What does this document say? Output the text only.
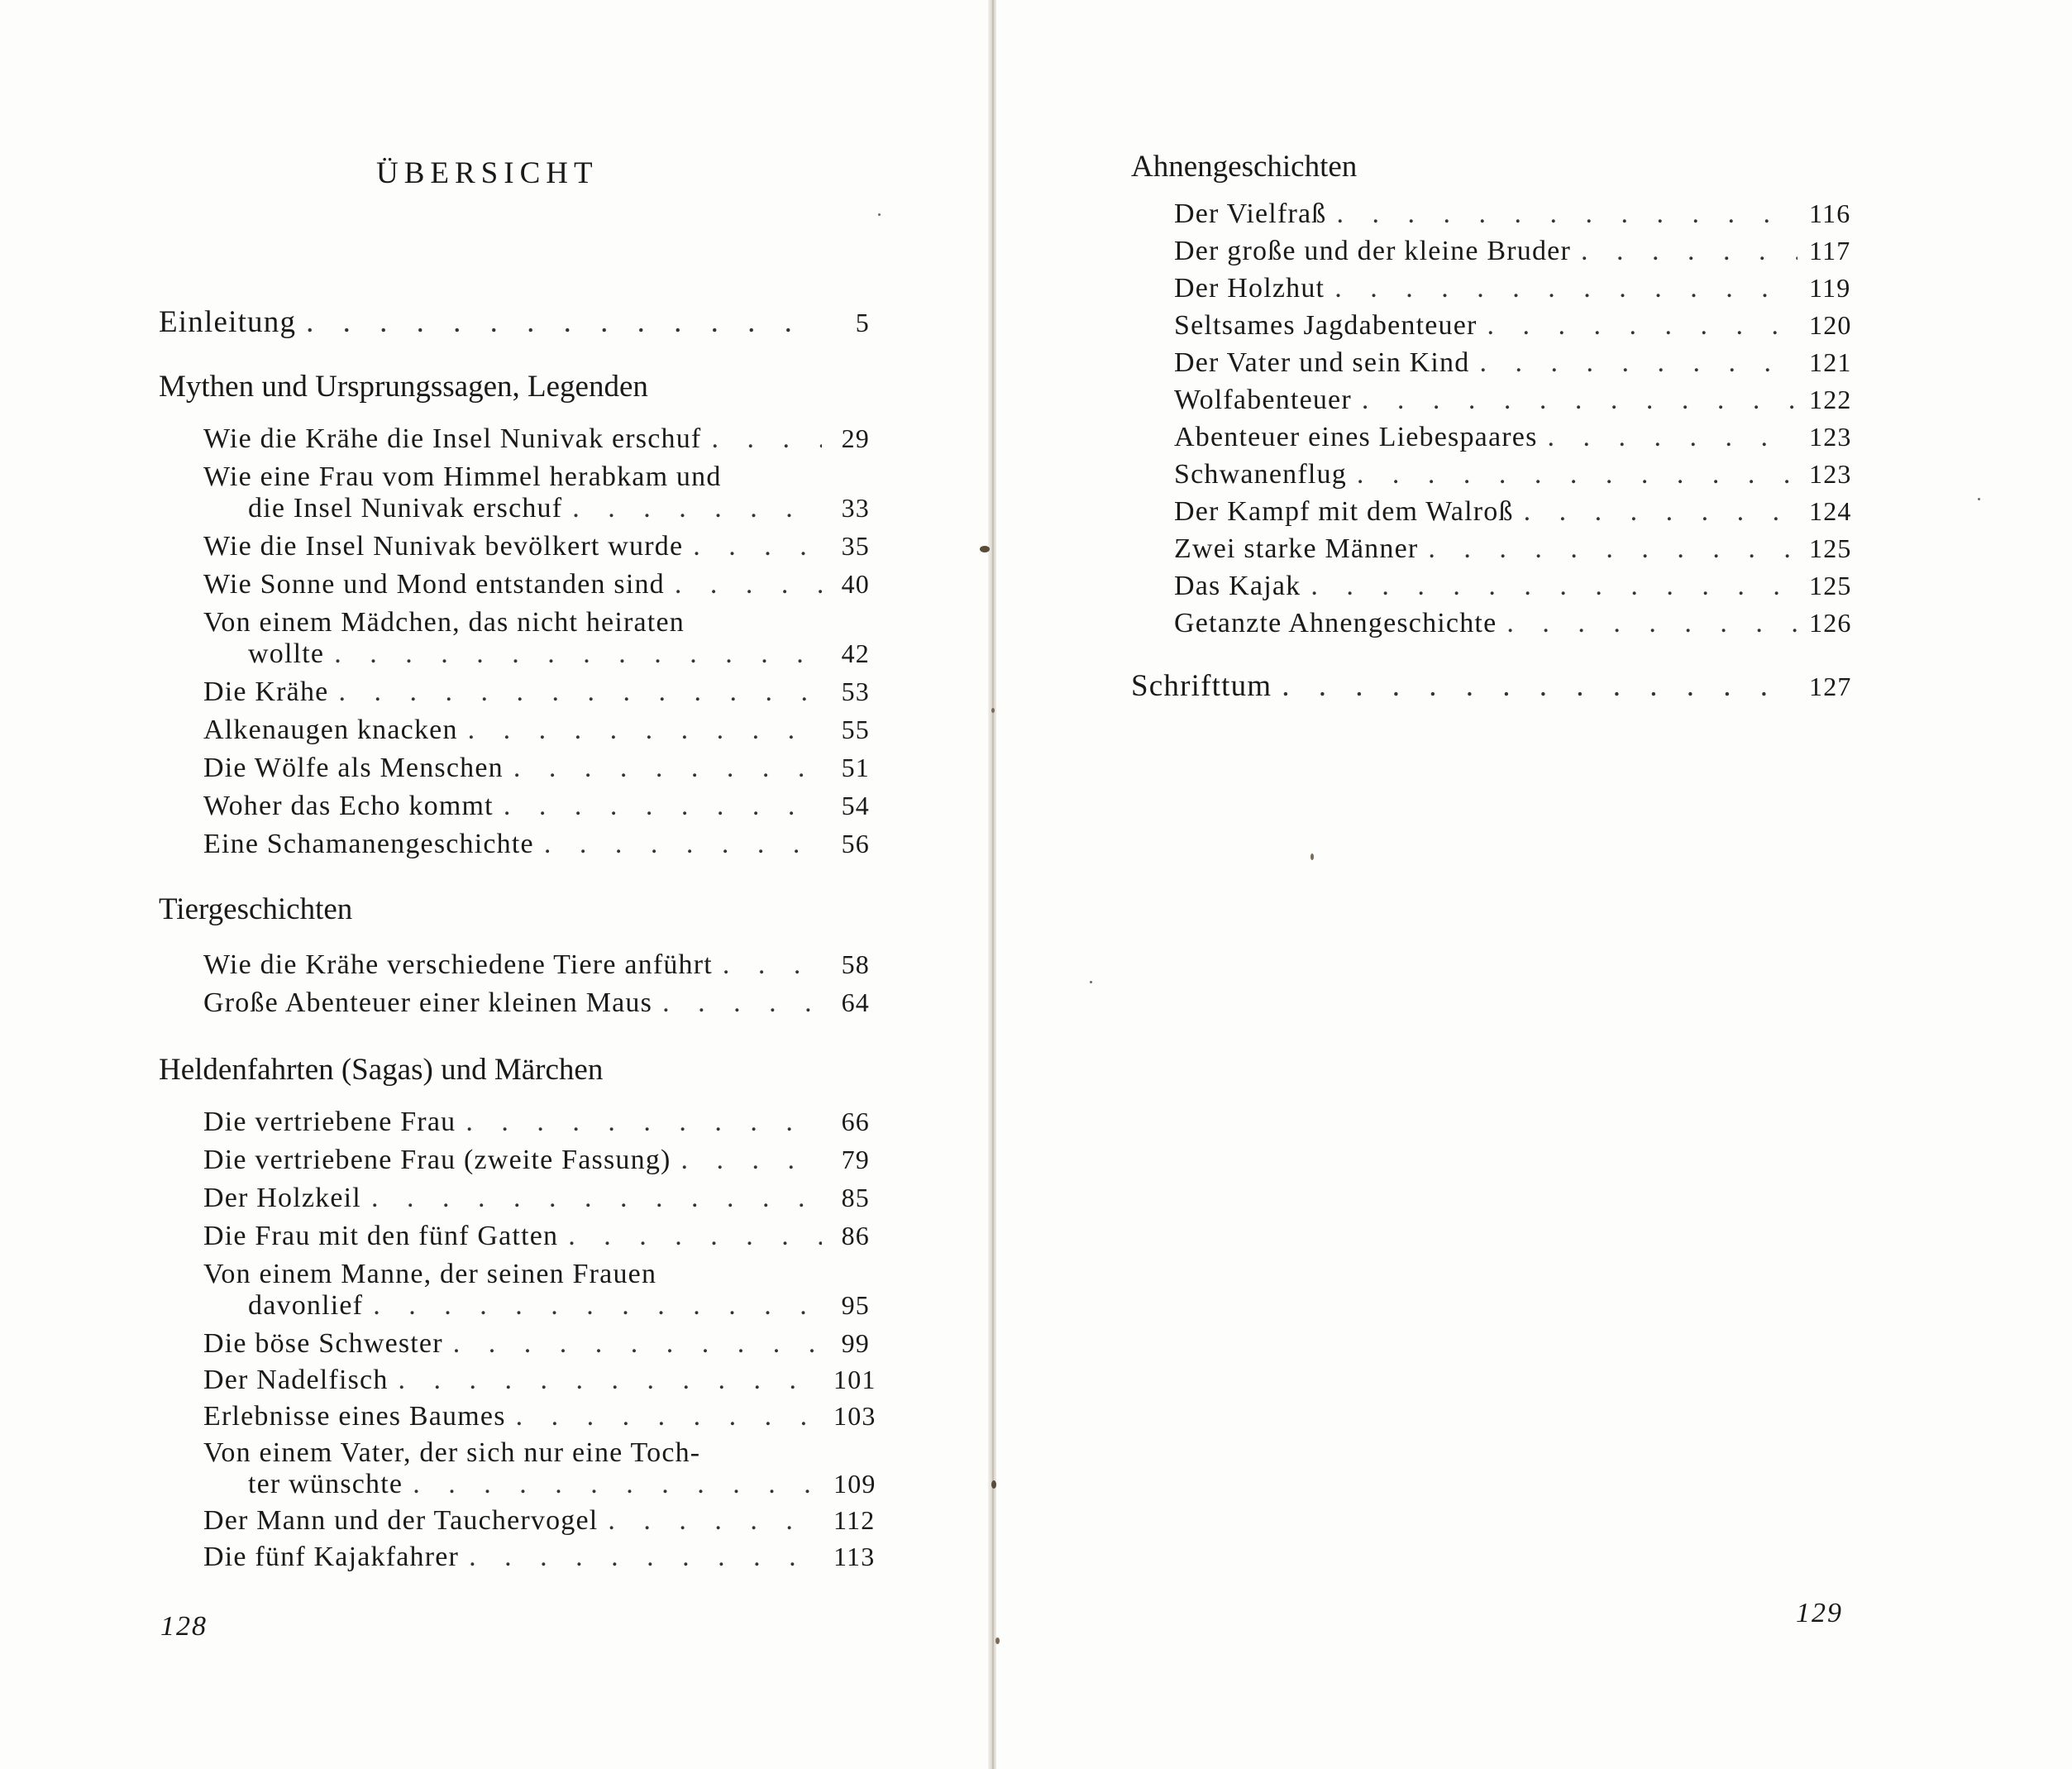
ÜBERSICHT
Einleitung . . .	5
Mythen und Ursprungssagen, Legenden
Wie die Krähe die Insel Nunivak erschuf . . .	29
Wie eine Frau vom Himmel herabkam und
die Insel Nunivak erschuf . . .	33
Wie die Insel Nunivak bevölkert wurde . . .	35
Wie Sonne und Mond entstanden sind . . .	40
Von einem Mädchen, das nicht heiraten
wollte . . .	42
Die Krähe . . .	53
Alkenaugen knacken . . .	55
Die Wölfe als Menschen . . .	51
Woher das Echo kommt . . .	54
Eine Schamanengeschichte . . .	56
Tiergeschichten
Wie die Krähe verschiedene Tiere anführt . . .	58
Große Abenteuer einer kleinen Maus . . .	64
Heldenfahrten (Sagas) und Märchen
Die vertriebene Frau . . .	66
Die vertriebene Frau (zweite Fassung) . . .	79
Der Holzkeil . . .	85
Die Frau mit den fünf Gatten . . .	86
Von einem Manne, der seinen Frauen
davonlief . . .	95
Die böse Schwester . . .	99
Der Nadelfisch . . .	101
Erlebnisse eines Baumes . . .	103
Von einem Vater, der sich nur eine Toch-
ter wünschte . . .	109
Der Mann und der Tauchervogel . . .	112
Die fünf Kajakfahrer . . .	113
128
Ahnengeschichten
Der Vielfraß . . .	116
Der große und der kleine Bruder . . .	117
Der Holzhut . . .	119
Seltsames Jagdabenteuer . . .	120
Der Vater und sein Kind . . .	121
Wolfabenteuer . . .	122
Abenteuer eines Liebespaares . . .	123
Schwanenflug . . .	123
Der Kampf mit dem Walroß . . .	124
Zwei starke Männer . . .	125
Das Kajak . . .	125
Getanzte Ahnengeschichte . . .	126
Schrifttum . . .	127
129
